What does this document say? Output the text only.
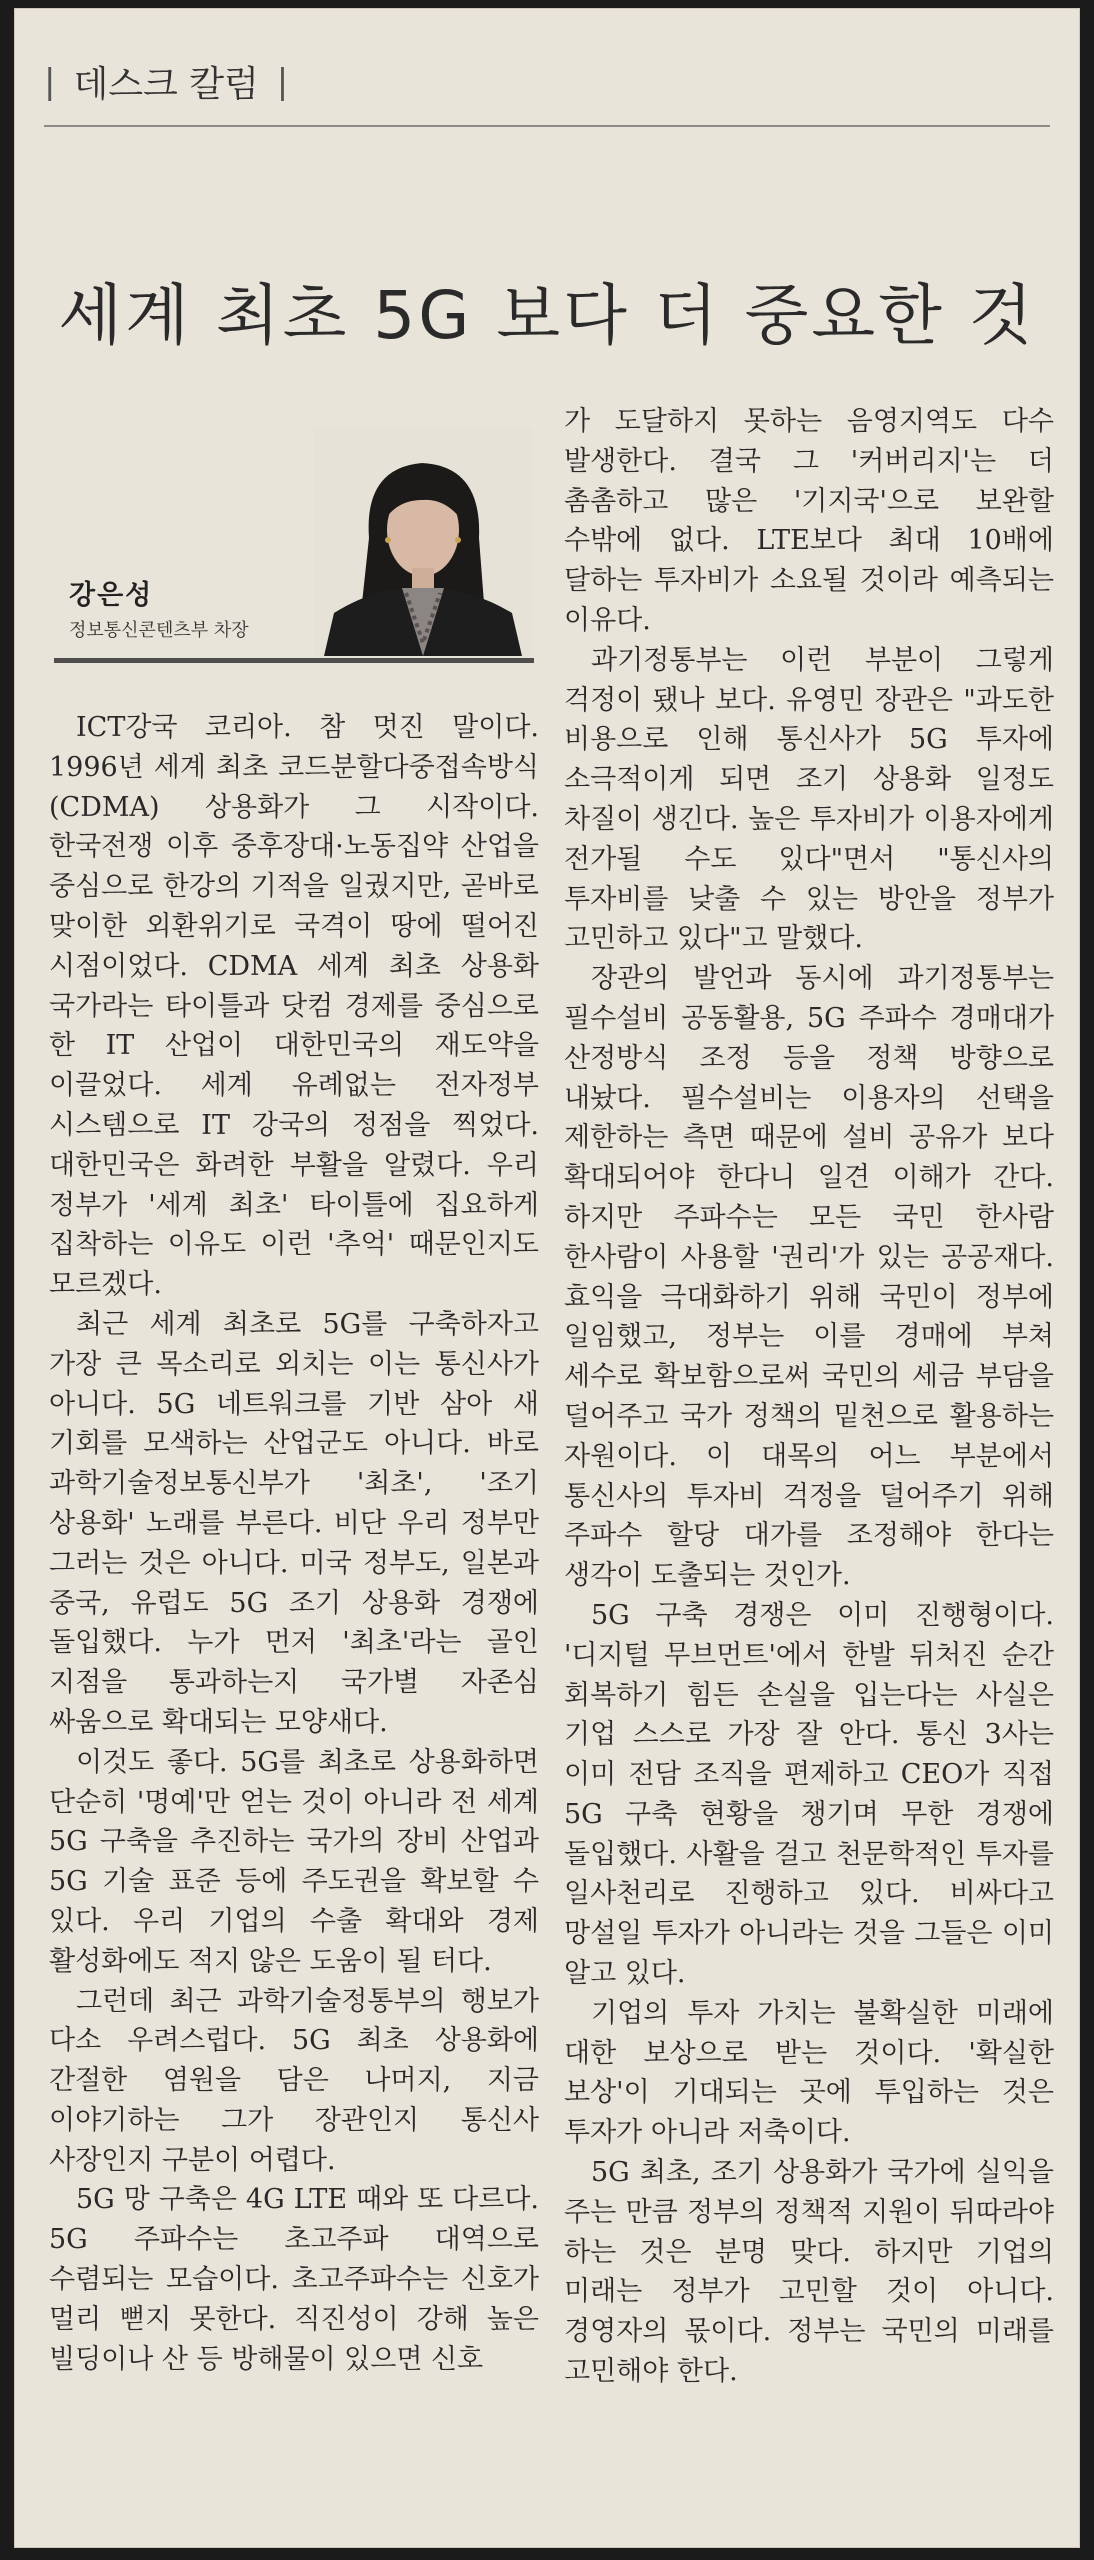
| 데스크 칼럼 |
세계 최초 5G 보다 더 중요한 것
강은성
정보통신콘텐츠부 차장

ICT강국 코리아. 참 멋진 말이다. 1996년 세계 최초 코드분할다중접속방식(CDMA) 상용화가 그 시작이다. 한국전쟁 이후 중후장대·노동집약 산업을 중심으로 한강의 기적을 일궜지만, 곧바로 맞이한 외환위기로 국격이 땅에 떨어진 시점이었다. CDMA 세계 최초 상용화 국가라는 타이틀과 닷컴 경제를 중심으로 한 IT 산업이 대한민국의 재도약을 이끌었다. 세계 유례없는 전자정부 시스템으로 IT 강국의 정점을 찍었다. 대한민국은 화려한 부활을 알렸다. 우리 정부가 '세계 최초' 타이틀에 집요하게 집착하는 이유도 이런 '추억' 때문인지도 모르겠다.

최근 세계 최초로 5G를 구축하자고 가장 큰 목소리로 외치는 이는 통신사가 아니다. 5G 네트워크를 기반 삼아 새 기회를 모색하는 산업군도 아니다. 바로 과학기술정보통신부가 '최초', '조기 상용화' 노래를 부른다. 비단 우리 정부만 그러는 것은 아니다. 미국 정부도, 일본과 중국, 유럽도 5G 조기 상용화 경쟁에 돌입했다. 누가 먼저 '최초'라는 골인 지점을 통과하는지 국가별 자존심 싸움으로 확대되는 모양새다.

이것도 좋다. 5G를 최초로 상용화하면 단순히 '명예'만 얻는 것이 아니라 전 세계 5G 구축을 추진하는 국가의 장비 산업과 5G 기술 표준 등에 주도권을 확보할 수 있다. 우리 기업의 수출 확대와 경제 활성화에도 적지 않은 도움이 될 터다.

그런데 최근 과학기술정통부의 행보가 다소 우려스럽다. 5G 최초 상용화에 간절한 염원을 담은 나머지, 지금 이야기하는 그가 장관인지 통신사 사장인지 구분이 어렵다.

5G 망 구축은 4G LTE 때와 또 다르다. 5G 주파수는 초고주파 대역으로 수렴되는 모습이다. 초고주파수는 신호가 멀리 뻗지 못한다. 직진성이 강해 높은 빌딩이나 산 등 방해물이 있으면 신호

가 도달하지 못하는 음영지역도 다수 발생한다. 결국 그 '커버리지'는 더 촘촘하고 많은 '기지국'으로 보완할 수밖에 없다. LTE보다 최대 10배에 달하는 투자비가 소요될 것이라 예측되는 이유다.

과기정통부는 이런 부분이 그렇게 걱정이 됐나 보다. 유영민 장관은 "과도한 비용으로 인해 통신사가 5G 투자에 소극적이게 되면 조기 상용화 일정도 차질이 생긴다. 높은 투자비가 이용자에게 전가될 수도 있다"면서 "통신사의 투자비를 낮출 수 있는 방안을 정부가 고민하고 있다"고 말했다.

장관의 발언과 동시에 과기정통부는 필수설비 공동활용, 5G 주파수 경매대가 산정방식 조정 등을 정책 방향으로 내놨다. 필수설비는 이용자의 선택을 제한하는 측면 때문에 설비 공유가 보다 확대되어야 한다니 일견 이해가 간다. 하지만 주파수는 모든 국민 한사람 한사람이 사용할 '권리'가 있는 공공재다. 효익을 극대화하기 위해 국민이 정부에 일임했고, 정부는 이를 경매에 부쳐 세수로 확보함으로써 국민의 세금 부담을 덜어주고 국가 정책의 밑천으로 활용하는 자원이다. 이 대목의 어느 부분에서 통신사의 투자비 걱정을 덜어주기 위해 주파수 할당 대가를 조정해야 한다는 생각이 도출되는 것인가.

5G 구축 경쟁은 이미 진행형이다. '디지털 무브먼트'에서 한발 뒤처진 순간 회복하기 힘든 손실을 입는다는 사실은 기업 스스로 가장 잘 안다. 통신 3사는 이미 전담 조직을 편제하고 CEO가 직접 5G 구축 현황을 챙기며 무한 경쟁에 돌입했다. 사활을 걸고 천문학적인 투자를 일사천리로 진행하고 있다. 비싸다고 망설일 투자가 아니라는 것을 그들은 이미 알고 있다.

기업의 투자 가치는 불확실한 미래에 대한 보상으로 받는 것이다. '확실한 보상'이 기대되는 곳에 투입하는 것은 투자가 아니라 저축이다.

5G 최초, 조기 상용화가 국가에 실익을 주는 만큼 정부의 정책적 지원이 뒤따라야 하는 것은 분명 맞다. 하지만 기업의 미래는 정부가 고민할 것이 아니다. 경영자의 몫이다. 정부는 국민의 미래를 고민해야 한다.
